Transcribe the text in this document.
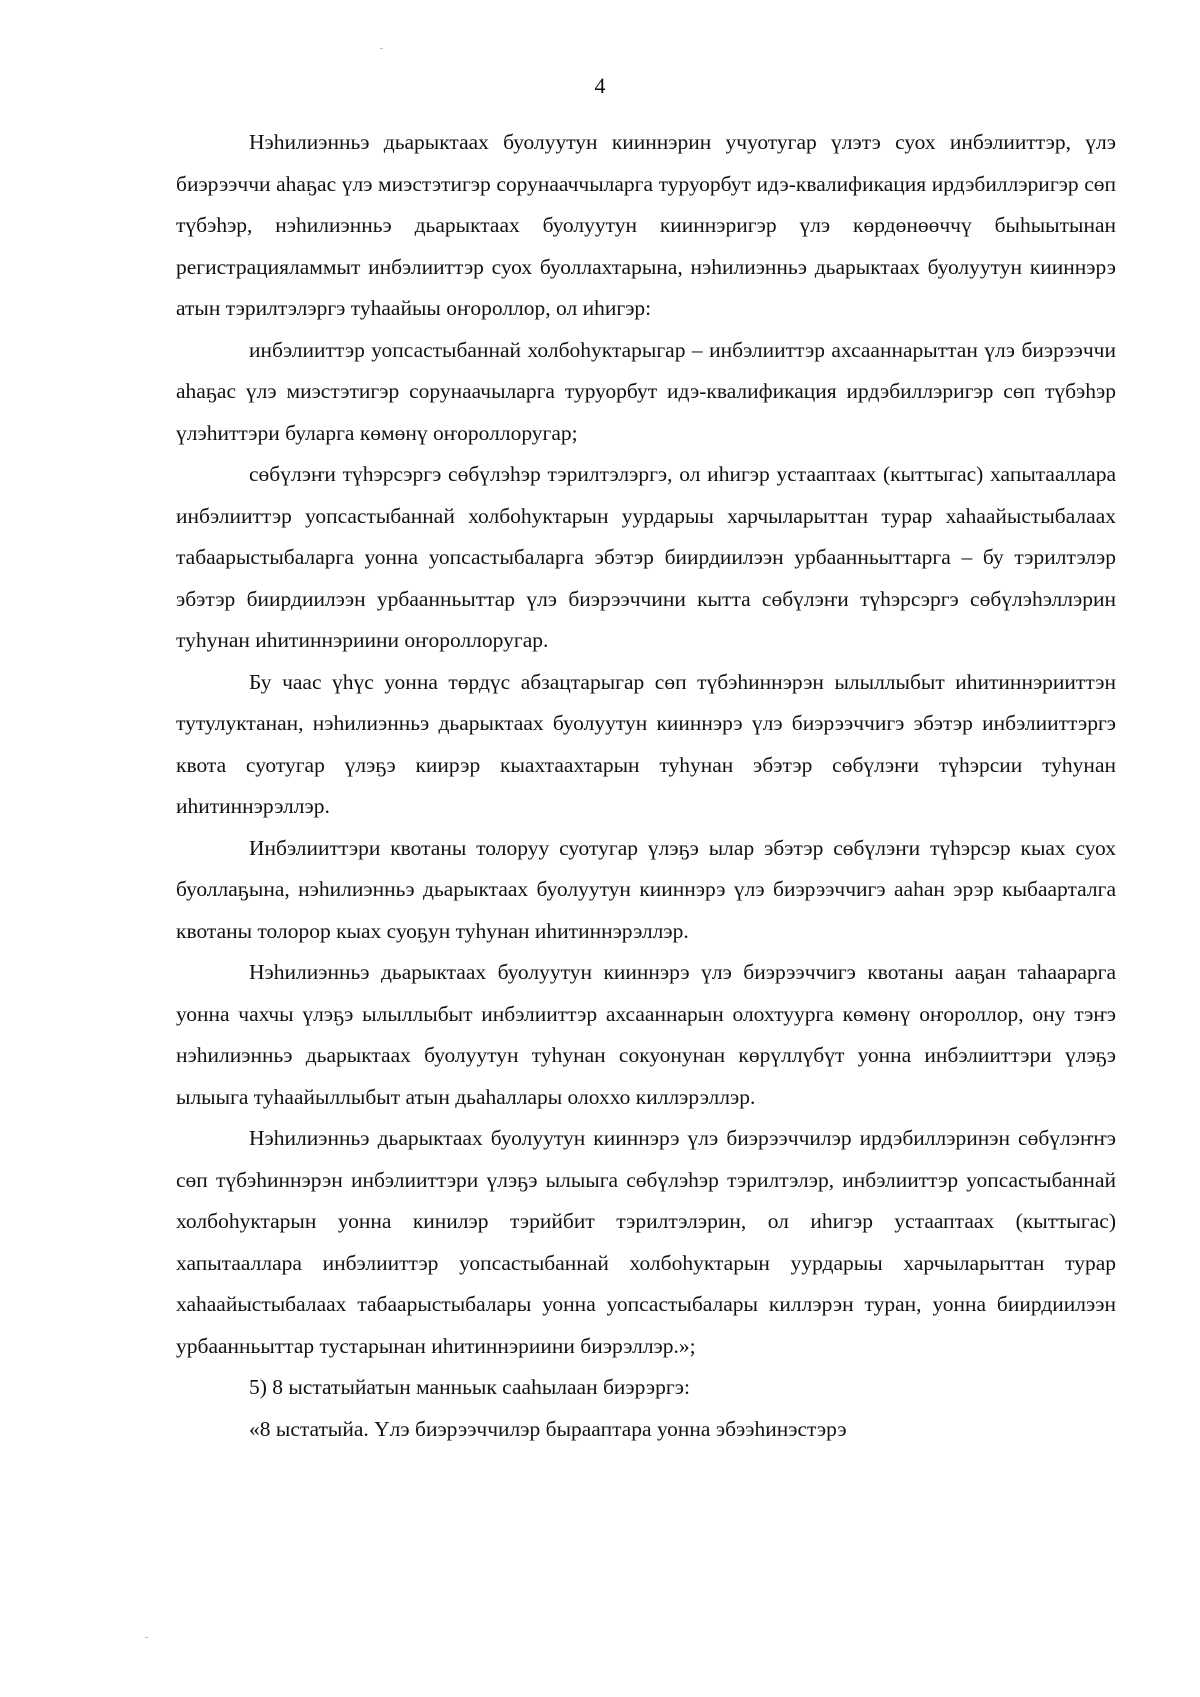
4

Нэһилиэнньэ дьарыктаах буолуутун кииннэрин учуотугар үлэтэ суох инбэлииттэр, үлэ биэрээччи аһаҕас үлэ миэстэтигэр сорунааччыларга туруорбут идэ-квалификация ирдэбиллэригэр сөп түбэһэр, нэһилиэнньэ дьарыктаах буолуутун кииннэригэр үлэ көрдөнөөччү быһыытынан регистрацияламмыт инбэлииттэр суох буоллахтарына, нэһилиэнньэ дьарыктаах буолуутун кииннэрэ атын тэрилтэлэргэ туһаайыы оҥороллор, ол иһигэр:

инбэлииттэр уопсастыбаннай холбоһуктарыгар – инбэлииттэр ахсааннарыттан үлэ биэрээччи аһаҕас үлэ миэстэтигэр сорунаачыларга туруорбут идэ-квалификация ирдэбиллэригэр сөп түбэһэр үлэһиттэри буларга көмөнү оҥороллоругар;

сөбүлэҥи түһэрсэргэ сөбүлэһэр тэрилтэлэргэ, ол иһигэр устааптаах (кыттыгас) хапытааллара инбэлииттэр уопсастыбаннай холбоһуктарын уурдарыы харчыларыттан турар хаһаайыстыбалаах табаарыстыбаларга уонна уопсастыбаларга эбэтэр биирдиилээн урбаанньыттарга – бу тэрилтэлэр эбэтэр биирдиилээн урбаанньыттар үлэ биэрээччини кытта сөбүлэҥи түһэрсэргэ сөбүлэһэллэрин туһунан иһитиннэриини оҥороллоругар.

Бу чаас үһүс уонна төрдүс абзацтарыгар сөп түбэһиннэрэн ылыллыбыт иһитиннэрииттэн тутулуктанан, нэһилиэнньэ дьарыктаах буолуутун кииннэрэ үлэ биэрээччигэ эбэтэр инбэлииттэргэ квота суотугар үлэҕэ киирэр кыахтаахтарын туһунан эбэтэр сөбүлэҥи түһэрсии туһунан иһитиннэрэллэр.

Инбэлииттэри квотаны толоруу суотугар үлэҕэ ылар эбэтэр сөбүлэҥи түһэрсэр кыах суох буоллаҕына, нэһилиэнньэ дьарыктаах буолуутун кииннэрэ үлэ биэрээччигэ ааһан эрэр кыбаарталга квотаны толорор кыах суоҕун туһунан иһитиннэрэллэр.

Нэһилиэнньэ дьарыктаах буолуутун кииннэрэ үлэ биэрээччигэ квотаны ааҕан таһаарарга уонна чахчы үлэҕэ ылыллыбыт инбэлииттэр ахсааннарын олохтуурга көмөнү оҥороллор, ону тэҥэ нэһилиэнньэ дьарыктаах буолуутун туһунан сокуонунан көрүллүбүт уонна инбэлииттэри үлэҕэ ылыыга туһаайыллыбыт атын дьаһаллары олоххо киллэрэллэр.

Нэһилиэнньэ дьарыктаах буолуутун кииннэрэ үлэ биэрээччилэр ирдэбиллэринэн сөбүлэҥҥэ сөп түбэһиннэрэн инбэлииттэри үлэҕэ ылыыга сөбүлэһэр тэрилтэлэр, инбэлииттэр уопсастыбаннай холбоһуктарын уонна кинилэр тэрийбит тэрилтэлэрин, ол иһигэр устааптаах (кыттыгас) хапытааллара инбэлииттэр уопсастыбаннай холбоһуктарын уурдарыы харчыларыттан турар хаһаайыстыбалаах табаарыстыбалары уонна уопсастыбалары киллэрэн туран, уонна биирдиилээн урбаанньыттар тустарынан иһитиннэриини биэрэллэр.»;

5) 8 ыстатыйатын манньык сааһылаан биэрэргэ:

«8 ыстатыйа. Үлэ биэрээччилэр бырааптара уонна эбээһинэстэрэ
